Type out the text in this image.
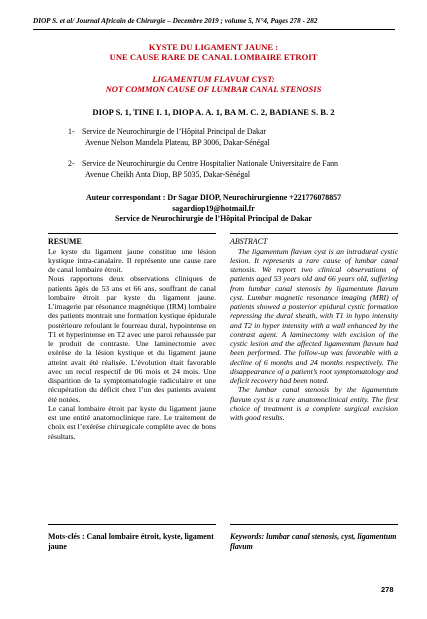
DIOP S. et al/ Journal Africain de Chirurgie – Decembre 2019 ; volume 5, N°4, Pages 278 - 282
KYSTE DU LIGAMENT JAUNE :
UNE CAUSE RARE DE CANAL LOMBAIRE ETROIT
LIGAMENTUM FLAVUM CYST:
NOT COMMON CAUSE OF LUMBAR CANAL STENOSIS
DIOP S. 1, TINE I. 1, DIOP A. A. 1, BA M. C. 2, BADIANE S. B. 2
1- Service de Neurochirurgie de l’Hôpital Principal de Dakar
Avenue Nelson Mandela Plateau, BP 3006, Dakar-Sénégal
2- Service de Neurochirurgie du Centre Hospitalier Nationale Universitaire de Fann
Avenue Cheikh Anta Diop, BP 5035, Dakar-Sénégal
Auteur correspondant : Dr Sagar DIOP, Neurochirurgienne +221776078857
sagardiop19@hotmail.fr
Service de Neurochirurgie de l’Hôpital Principal de Dakar
RESUME

Le kyste du ligament jaune constitue une lésion kystique intra-canalaire. Il représente une cause rare de canal lombaire étroit.

Nous rapportons deux observations cliniques de patients âgés de 53 ans et 66 ans, souffrant de canal lombaire étroit par kyste du ligament jaune. L’imagerie par résonance magnétique (IRM) lombaire des patients montrait une formation kystique épidurale postérieure refoulant le fourreau dural, hypointense en T1 et hyperintense en T2 avec une paroi rehaussée par le produit de contraste. Une laminectomie avec exérèse de la lésion kystique et du ligament jaune atteint avait été réalisée. L’évolution était favorable avec un recul respectif de 06 mois et 24 mois. Une disparition de la symptomatologie radiculaire et une récupération du déficit chez l’un des patients avaient été notées.

Le canal lombaire étroit par kyste du ligament jaune est une entité anatomoclinique rare. Le traitement de choix est l’exérèse chirurgicale complète avec de bons résultats.

ABSTRACT

The ligamentum flavum cyst is an intradural cystic lesion. It represents a rare cause of lumbar canal stenosis. We report two clinical observations of patients aged 53 years old and 66 years old, suffering from lumbar canal stenosis by ligamentum flavum cyst. Lumbar magnetic resonance imaging (MRI) of patients showed a posterior epidural cystic formation repressing the dural sheath, with T1 in hypo intensity and T2 in hyper intensity with a wall enhanced by the contrast agent. A laminectomy with excision of the cystic lesion and the affected ligamentum flavum had been performed. The follow-up was favorable with a decline of 6 months and 24 months respectively. The disappearance of a patient’s root symptomatology and deficit recovery had been noted.

The lumbar canal stenosis by the ligamentum flavum cyst is a rare anatomoclinical entity. The first choice of treatment is a complete surgical excision with good results.

Mots-clés : Canal lombaire étroit, kyste, ligament jaune
Keywords: lumbar canal stenosis, cyst, ligamentum flavum
278
